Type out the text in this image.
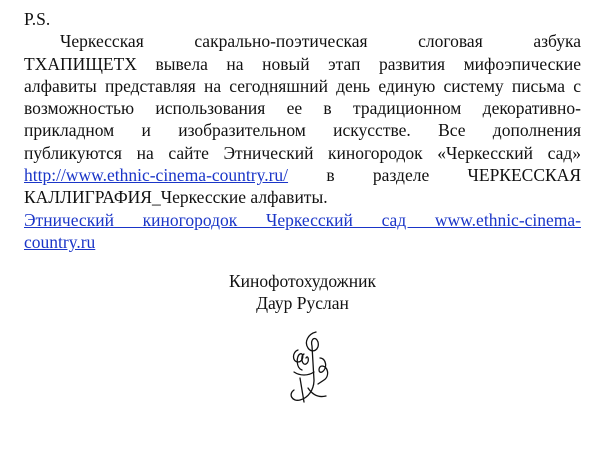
P.S.
Черкесская сакрально-поэтическая слоговая азбука
ТХАПИЩЕТХ вывела на новый этап развития мифоэпические
алфавиты представляя на сегодняшний день единую систему письма с
возможностью использования ее в традиционном декоративно-
прикладном и изобразительном искусстве. Все дополнения
публикуются на сайте Этнический киногородок «Черкесский сад»
http://www.ethnic-cinema-country.ru/ в разделе ЧЕРКЕССКАЯ
КАЛЛИГРАФИЯ_Черкесские алфавиты.
Этнический киногородок Черкесский сад www.ethnic-cinema-
country.ru
Кинофотохудожник
Даур Руслан
